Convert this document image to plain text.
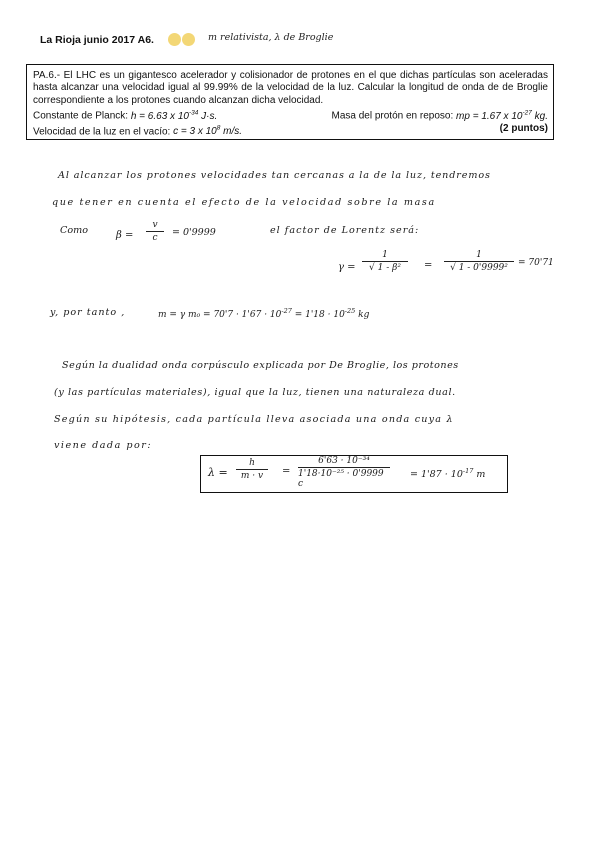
La Rioja junio 2017 A6.	m relativista, λ de Broglie
PA.6.- El LHC es un gigantesco acelerador y colisionador de protones en el que dichas partículas son aceleradas hasta alcanzar una velocidad igual al 99.99% de la velocidad de la luz. Calcular la longitud de onda de de Broglie correspondiente a los protones cuando alcanzan dicha velocidad.
Constante de Planck: h = 6.63 x $10^{-34}$ J·s.	Masa del protón en reposo: mp = 1.67 x $10^{-27}$ kg.
Velocidad de la luz en el vacío: c = 3 x $10^8$ m/s.	(2 puntos)
Al alcanzar los protones velocidades tan cercanas a la de la luz, tendremos
que tener en cuenta el efecto de la velocidad sobre la masa
Como	β =
v
c = 0'9999	el factor de Lorentz será:
γ =
1
√ 1 - β² =
1
√ 1 - 0'9999² = 70'71
y, por tanto ,	m = γ $m_0 = 70'7 \cdot 1'67 \cdot 10^{-27} = 1'18 \cdot 10^{-25}$ kg
Según la dualidad onda corpúsculo explicada por De Broglie, los protones
(y las partículas materiales), igual que la luz, tienen una naturaleza dual.
Según su hipótesis, cada partícula lleva asociada una onda cuya λ
viene dada por:
λ =
h
m · v =
6'63 · 10⁻³⁴
1'18·10⁻²⁵ · 0'9999 c
= $1'87 \cdot 10^{-17}$ m
